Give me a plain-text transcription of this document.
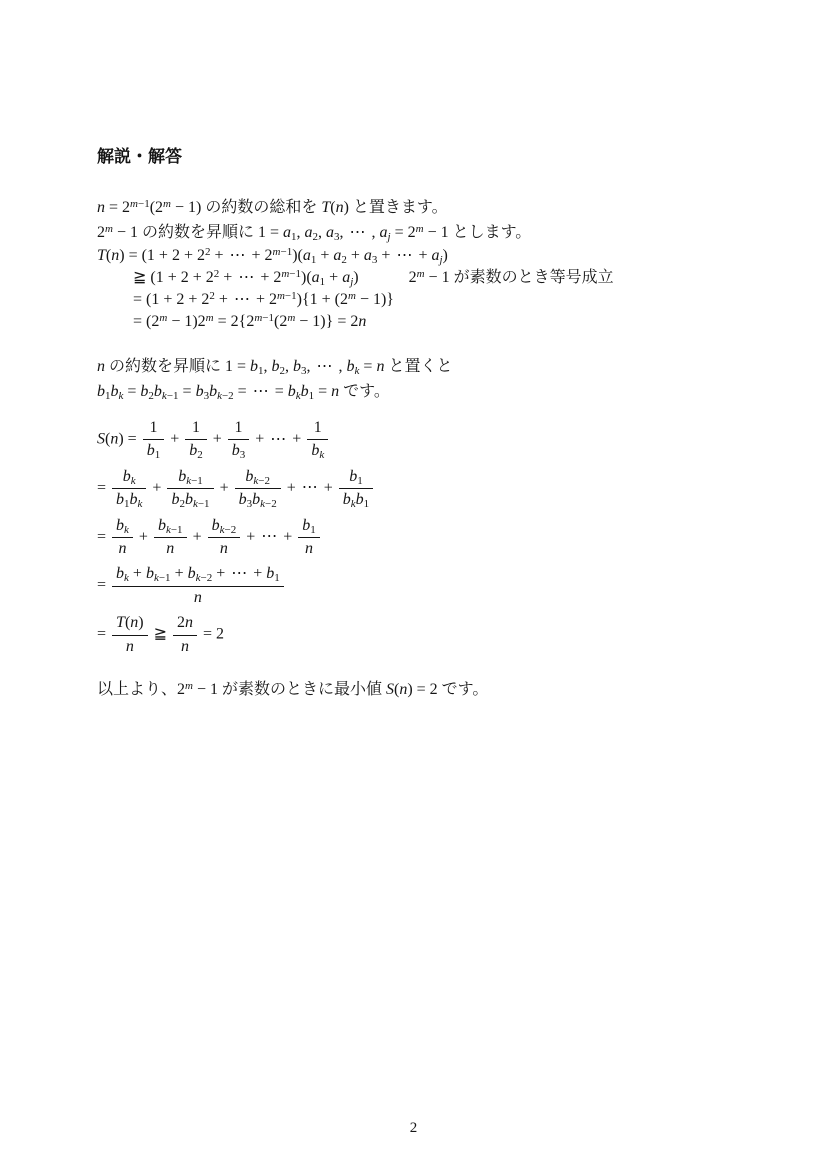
解説・解答
$n = 2^{m-1}(2^m - 1)$ の約数の総和を T(n) と置きます。
$2^m - 1$ の約数を昇順に $1 = a_1$, $a_2$, $a_3$, ⋯ , $a_j = 2^m - 1$ とします。
$T(n) = (1 + 2 + 2^2$ + ⋯ + $2^{m-1})(a_1 + a_2 + a_3$ + ⋯ + $a_j$)
≧ ($1 + 2 + 2^2$ + ⋯ + $2^{m-1})(a_1 + a_j)$	$2^m - 1$ が素数のとき等号成立
= ($1 + 2 + 2^2$ + ⋯ + $2^{m-1})\{1 + (2^m - 1)\}$
= $(2^m - 1)2^m = 2\{2^{m-1}(2^m - 1)\} = 2n$
n の約数を昇順に $1 = b_1$, $b_2$, $b_3$, ⋯ , $b_k = n$ と置くと
$b_1b_k = b_2b_{k-1} = b_3b_{k-2}$ = ⋯ = $b_kb_1 = n$ です。
$S(n) = \frac{1}{b_1} + \frac{1}{b_2} + \frac{1}{b_3}$ + ⋯ + $\frac{1}{b_k}$
= $\frac{b_k}{b_1b_k} + \frac{b_{k-1}}{b_2b_{k-1}} + \frac{b_{k-2}}{b_3b_{k-2}}$ + ⋯ + $\frac{b_1}{b_kb_1}$
= $\frac{b_k}{n} + \frac{b_{k-1}}{n} + \frac{b_{k-2}}{n}$ + ⋯ + $\frac{b_1}{n}$
= $\frac{b_k + b_{k-1} + b_{k-2} + \cdots + b_1}{n}$
= $\frac{T(n)}{n}$ ≧ $\frac{2n}{n} = 2$
以上より、$2^m - 1$ が素数のときに最小値 S(n) = 2 です。
2
